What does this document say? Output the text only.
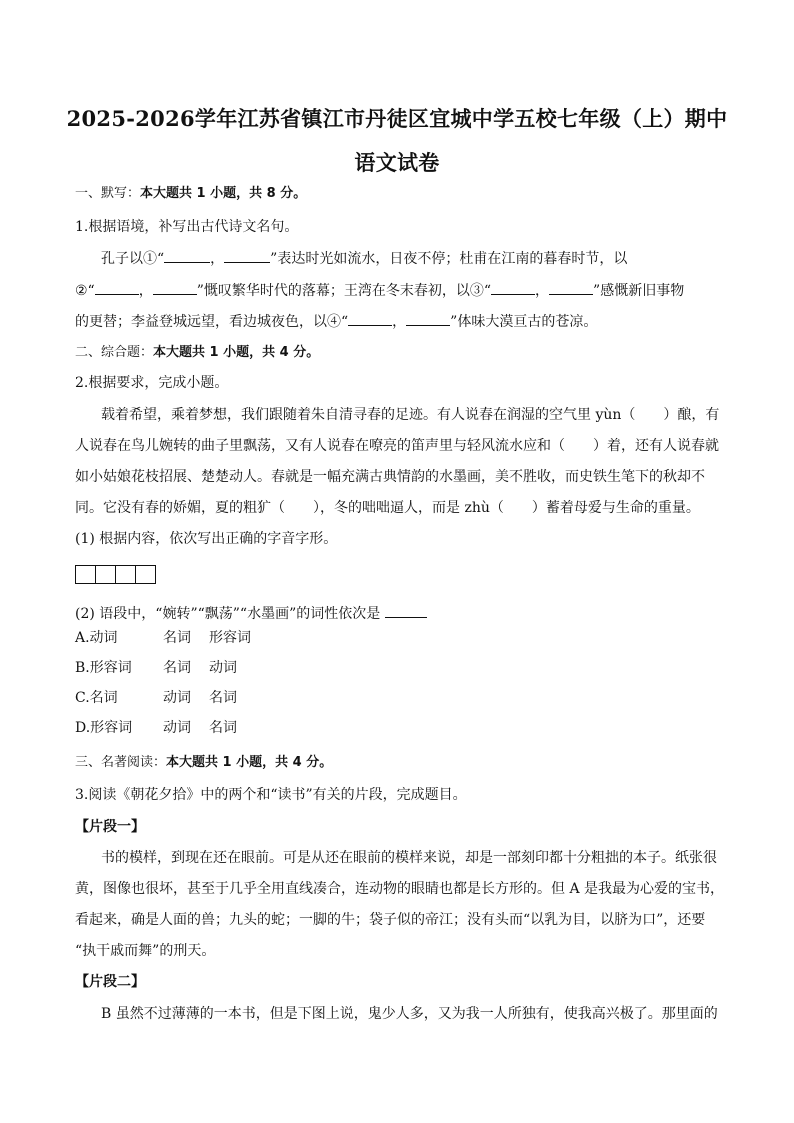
2025-2026学年江苏省镇江市丹徒区宜城中学五校七年级（上）期中
语文试卷
一、默写：本大题共 1 小题，共 8 分。
1.根据语境，补写出古代诗文名句。
孔子以①“	，	”表达时光如流水，日夜不停；杜甫在江南的暮春时节，以
②“	，	”慨叹繁华时代的落幕；王湾在冬末春初，以③“	，	”感慨新旧事物
的更替；李益登城远望，看边城夜色，以④“	，	”体味大漠亘古的苍凉。
二、综合题：本大题共 1 小题，共 4 分。
2.根据要求，完成小题。
载着希望，乘着梦想，我们跟随着朱自清寻春的足迹。有人说春在润湿的空气里 yùn（　　）酿，有
人说春在鸟儿婉转的曲子里飘荡，又有人说春在嘹亮的笛声里与轻风流水应和（　　）着，还有人说春就
如小姑娘花枝招展、楚楚动人。春就是一幅充满古典情韵的水墨画，美不胜收，而史铁生笔下的秋却不
同。它没有春的娇媚，夏的粗犷（　　），冬的咄咄逼人，而是 zhù（　　）蓄着母爱与生命的重量。
(1) 根据内容，依次写出正确的字音字形。
(2) 语段中，“婉转”“飘荡”“水墨画”的词性依次是
A.动词	名词 形容词
B.形容词 名词 动词
C.名词	动词 名词
D.形容词 动词 名词
三、名著阅读：本大题共 1 小题，共 4 分。
3.阅读《朝花夕拾》中的两个和“读书”有关的片段，完成题目。
【片段一】
书的模样，到现在还在眼前。可是从还在眼前的模样来说，却是一部刻印都十分粗拙的本子。纸张很
黄，图像也很坏，甚至于几乎全用直线凑合，连动物的眼睛也都是长方形的。但 A 是我最为心爱的宝书，
看起来，确是人面的兽；九头的蛇；一脚的牛；袋子似的帝江；没有头而“以乳为目，以脐为口”，还要
“执干戚而舞”的刑天。
【片段二】
B 虽然不过薄薄的一本书，但是下图上说，鬼少人多，又为我一人所独有，使我高兴极了。那里面的
